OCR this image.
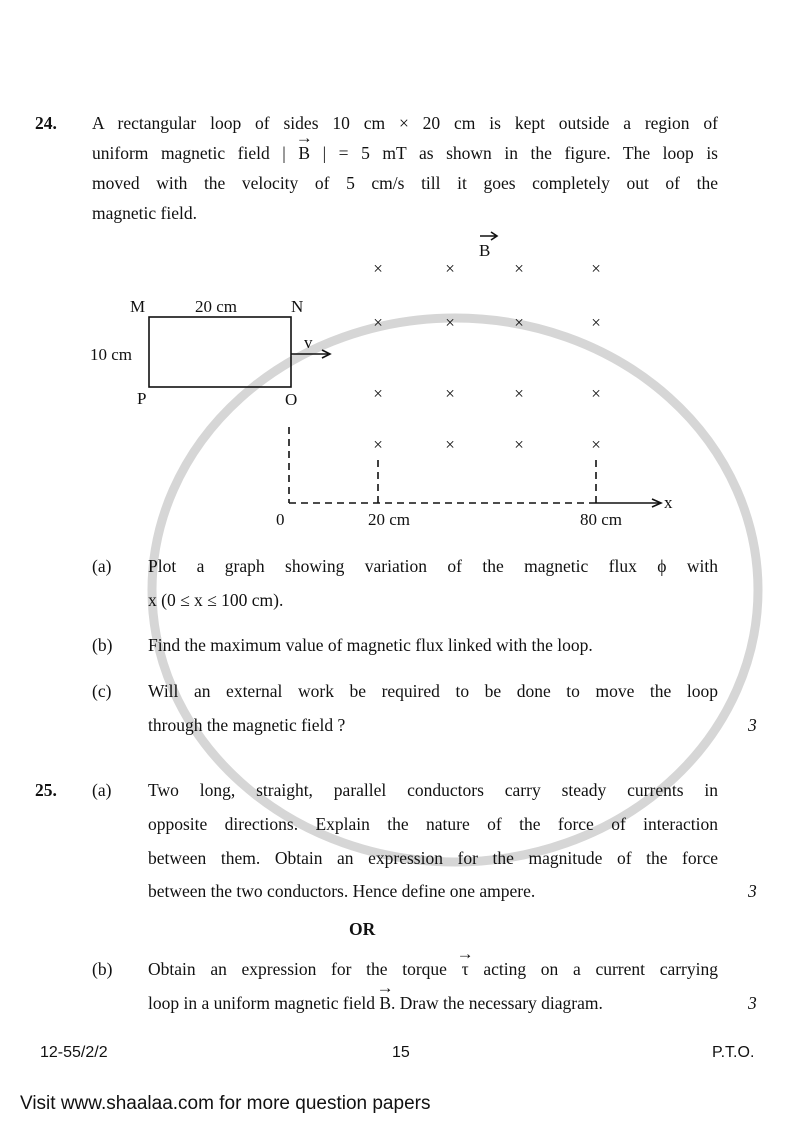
24. A rectangular loop of sides 10 cm × 20 cm is kept outside a region of
uniform magnetic field | → B | = 5 mT as shown in the figure. The loop is
moved with the velocity of 5 cm/s till it goes completely out of the
magnetic field.
B
M	20 cm	N
10 cm
v
P	O
x
0	20 cm	80 cm
×	×	×	×
×	×	×	×
×	×	×	×
×	×	×	×
(a) Plot a graph showing variation of the magnetic flux ϕ with
x (0 ≤ x ≤ 100 cm).
(b) Find the maximum value of magnetic flux linked with the loop.
(c) Will an external work be required to be done to move the loop
through the magnetic field ?	3
25. (a) Two long, straight, parallel conductors carry steady currents in
opposite directions. Explain the nature of the force of interaction
between them. Obtain an expression for the magnitude of the force
between the two conductors. Hence define one ampere.	3
OR
(b) Obtain an expression for the torque → τ acting on a current carrying
loop in a uniform magnetic field → B. Draw the necessary diagram.	3
12-55/2/2	15	P.T.O.
Visit www.shaalaa.com for more question papers
